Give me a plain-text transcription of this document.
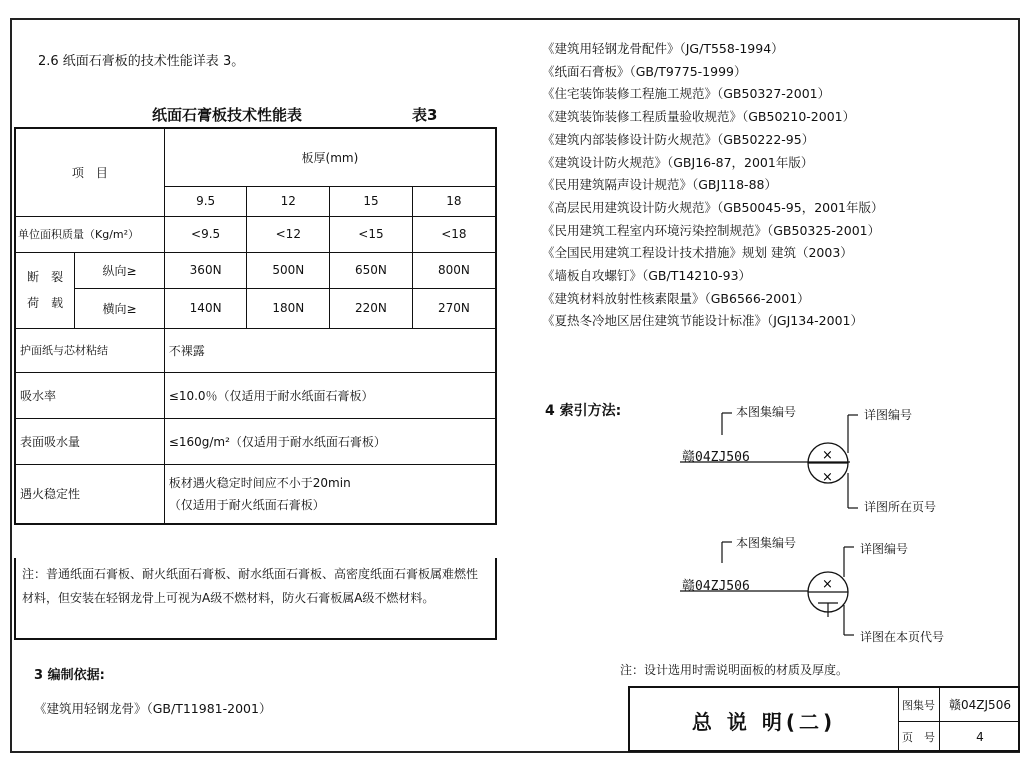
2.6 纸面石膏板的技术性能详表 3。
纸面石膏板技术性能表	表3
项　目		板厚(mm)			
		9.5	12	15	18
单位面积质量（Kg/m²）		<9.5	<12	<15	<18
断　裂
荷　载	纵向≥	360N	500N	650N	800N
	横向≥	140N	180N	220N	270N
护面纸与芯材粘结		不裸露			
吸水率		≤10.0％（仅适用于耐水纸面石膏板）			
表面吸水量		≤160g/m²（仅适用于耐水纸面石膏板）			
遇火稳定性		板材遇火稳定时间应不小于20min
（仅适用于耐火纸面石膏板）			
注：普通纸面石膏板、耐火纸面石膏板、耐水纸面石膏板、高密度纸面石膏板属难燃性材料，但安装在轻钢龙骨上可视为A级不燃材料，防火石膏板属A级不燃材料。
3 编制依据:
《建筑用轻钢龙骨》（GB/T11981-2001）
《建筑用轻钢龙骨配件》（JG/T558-1994）
《纸面石膏板》（GB/T9775-1999）
《住宅装饰装修工程施工规范》（GB50327-2001）
《建筑装饰装修工程质量验收规范》（GB50210-2001）
《建筑内部装修设计防火规范》（GB50222-95）
《建筑设计防火规范》（GBJ16-87，2001年版）
《民用建筑隔声设计规范》（GBJ118-88）
《高层民用建筑设计防火规范》（GB50045-95，2001年版）
《民用建筑工程室内环境污染控制规范》（GB50325-2001）
《全国民用建筑工程设计技术措施》规划 建筑（2003）
《墙板自攻螺钉》（GB/T14210-93）
《建筑材料放射性核素限量》（GB6566-2001）
《夏热冬冷地区居住建筑节能设计标准》（JGJ134-2001）
4 索引方法:
×
×
×
本图集编号	详图编号
赣04ZJ506
详图所在页号
本图集编号	详图编号
赣04ZJ506
详图在本页代号
注：设计选用时需说明面板的材质及厚度。
总 说 明(二)
图集号	赣04ZJ506
页　号	4
